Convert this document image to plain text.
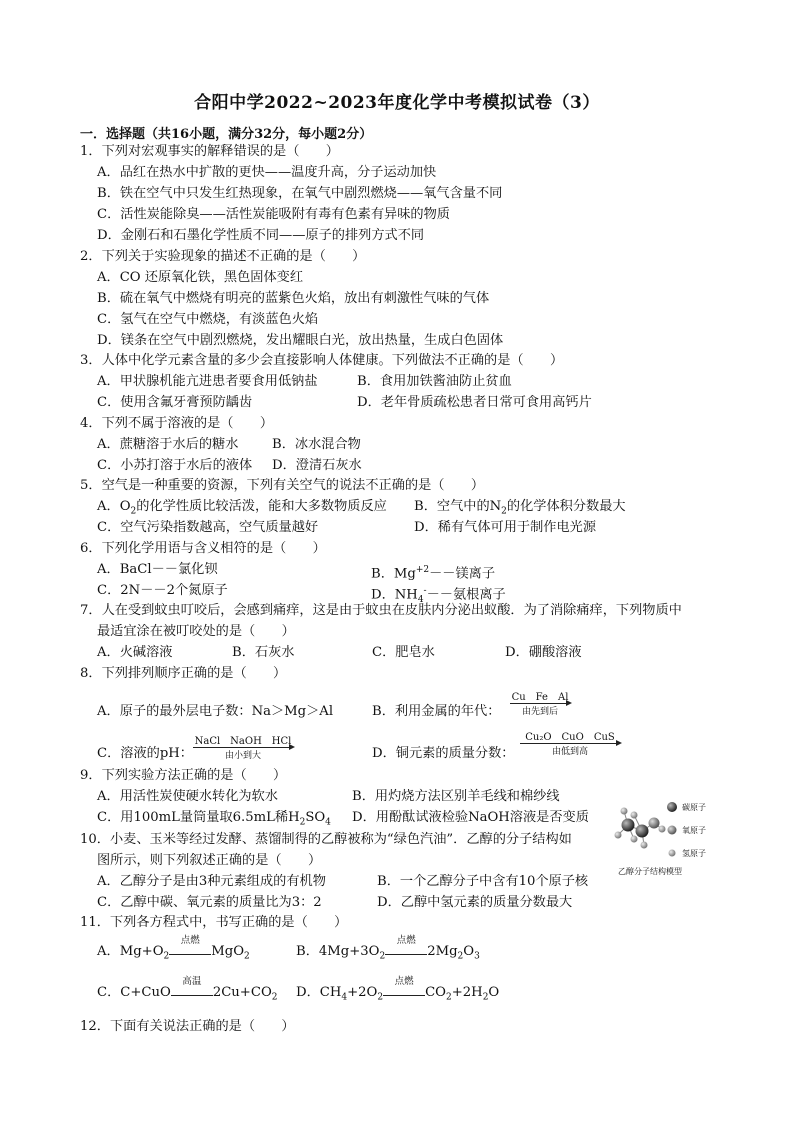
合阳中学2022~2023年度化学中考模拟试卷（3）
一．选择题（共16小题，满分32分，每小题2分）
1．下列对宏观事实的解释错误的是（　　）
A．品红在热水中扩散的更快——温度升高，分子运动加快
B．铁在空气中只发生红热现象，在氧气中剧烈燃烧——氧气含量不同
C．活性炭能除臭——活性炭能吸附有毒有色素有异味的物质
D．金刚石和石墨化学性质不同——原子的排列方式不同
2．下列关于实验现象的描述不正确的是（　　）
A．CO 还原氧化铁，黑色固体变红
B．硫在氧气中燃烧有明亮的蓝紫色火焰，放出有刺激性气味的气体
C．氢气在空气中燃烧，有淡蓝色火焰
D．镁条在空气中剧烈燃烧，发出耀眼白光，放出热量，生成白色固体
3．人体中化学元素含量的多少会直接影响人体健康。下列做法不正确的是（　　）
A．甲状腺机能亢进患者要食用低钠盐	B．食用加铁酱油防止贫血
C．使用含氟牙膏预防龋齿	D．老年骨质疏松患者日常可食用高钙片
4．下列不属于溶液的是（　　）
A．蔗糖溶于水后的糖水	B．冰水混合物
C．小苏打溶于水后的液体 D．澄清石灰水
5．空气是一种重要的资源，下列有关空气的说法不正确的是（　　）
A．$O_2$的化学性质比较活泼，能和大多数物质反应 B．空气中的$N_2$的化学体积分数最大
C．空气污染指数越高，空气质量越好	D．稀有气体可用于制作电光源
6．下列化学用语与含义相符的是（　　）
A．BaCl－－氯化钡	B．$Mg^{+2}--$镁离子
C．2N－－2个氮原子	D．$NH_4^---$氨根离子
7．人在受到蚊虫叮咬后，会感到痛痒，这是由于蚊虫在皮肤内分泌出蚁酸．为了消除痛痒，下列物质中
最适宜涂在被叮咬处的是（　　）
A．火碱溶液	B．石灰水	C．肥皂水	D．硼酸溶液
8．下列排列顺序正确的是（　　）
A．原子的最外层电子数：Na＞Mg＞Al	B．利用金属的年代：
Cu　Fe　Al
由先到后
C．溶液的pH：
NaCl　NaOH　HCl
由小到大	D．铜元素的质量分数：
Cu₂O　CuO　CuS
由低到高
9．下列实验方法正确的是（　　）
A．用活性炭使硬水转化为软水	B．用灼烧方法区别羊毛线和棉纱线
C．用100mL量筒量取6.5mL稀$H_2SO_4$ D．用酚酞试液检验NaOH溶液是否变质
10．小麦、玉米等经过发酵、蒸馏制得的乙醇被称为“绿色汽油”．乙醇的分子结构如
图所示，则下列叙述正确的是（　　）
A．乙醇分子是由3种元素组成的有机物	B．一个乙醇分子中含有10个原子核
C．乙醇中碳、氧元素的质量比为3：2	D．乙醇中氢元素的质量分数最大
碳原子
氧原子
氢原子
乙醇分子结构模型
11．下列各方程式中，书写正确的是（　　）
A．$Mg+O_2$
点燃
MgO$_2$	B．$4Mg+3O_2$
点燃
$2Mg_2O_3$
C．C+CuO
高温
$2Cu+CO_2$ D．$CH_4+2O_2$
点燃
$CO_2+2H_2O$
12．下面有关说法正确的是（　　）
